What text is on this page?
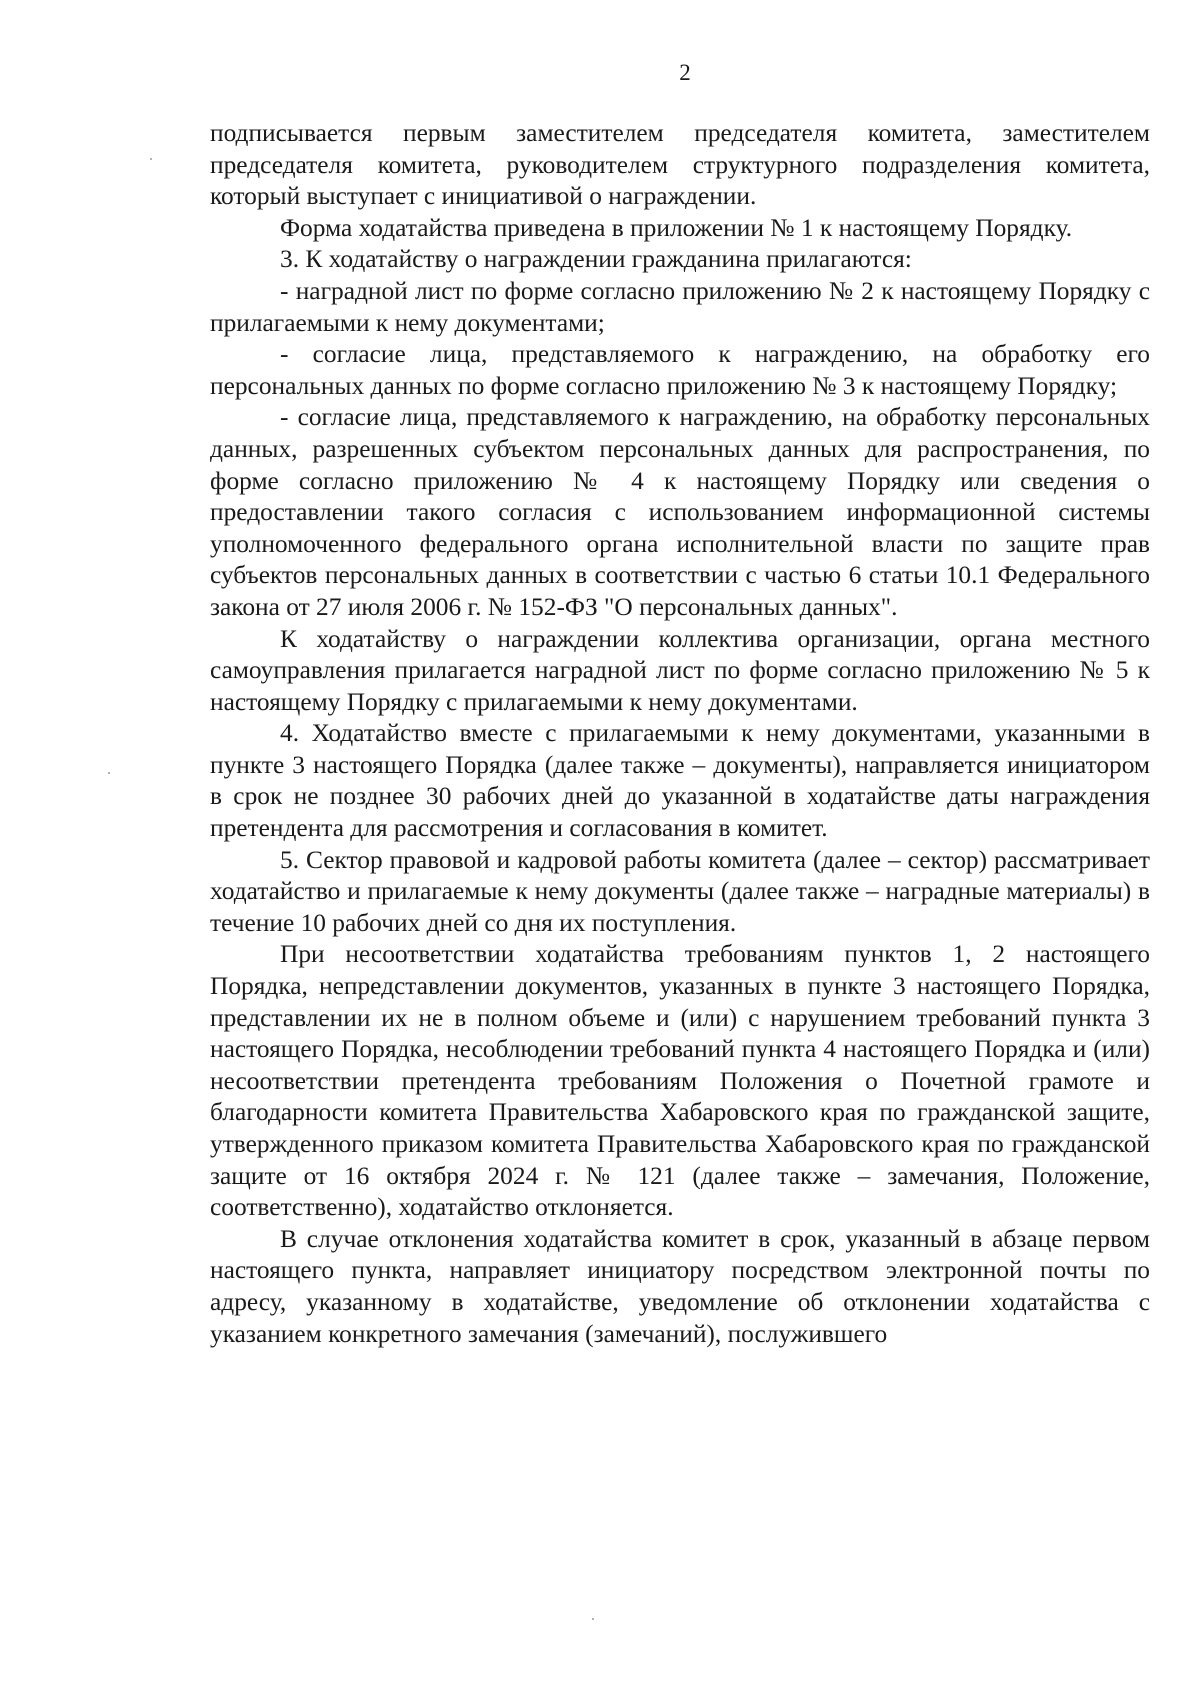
2

подписывается первым заместителем председателя комитета, заместителем председателя комитета, руководителем структурного подразделения комитета, который выступает с инициативой о награждении.

Форма ходатайства приведена в приложении № 1 к настоящему Порядку.

3. К ходатайству о награждении гражданина прилагаются:

- наградной лист по форме согласно приложению № 2 к настоящему Порядку с прилагаемыми к нему документами;

- согласие лица, представляемого к награждению, на обработку его персональных данных по форме согласно приложению № 3 к настоящему Порядку;

- согласие лица, представляемого к награждению, на обработку персональных данных, разрешенных субъектом персональных данных для распространения, по форме согласно приложению № 4 к настоящему Порядку или сведения о предоставлении такого согласия с использованием информационной системы уполномоченного федерального органа исполнительной власти по защите прав субъектов персональных данных в соответствии с частью 6 статьи 10.1 Федерального закона от 27 июля 2006 г. № 152-ФЗ "О персональных данных".

К ходатайству о награждении коллектива организации, органа местного самоуправления прилагается наградной лист по форме согласно приложению № 5 к настоящему Порядку с прилагаемыми к нему документами.

4. Ходатайство вместе с прилагаемыми к нему документами, указанными в пункте 3 настоящего Порядка (далее также – документы), направляется инициатором в срок не позднее 30 рабочих дней до указанной в ходатайстве даты награждения претендента для рассмотрения и согласования в комитет.

5. Сектор правовой и кадровой работы комитета (далее – сектор) рассматривает ходатайство и прилагаемые к нему документы (далее также – наградные материалы) в течение 10 рабочих дней со дня их поступления.

При несоответствии ходатайства требованиям пунктов 1, 2 настоящего Порядка, непредставлении документов, указанных в пункте 3 настоящего Порядка, представлении их не в полном объеме и (или) с нарушением требований пункта 3 настоящего Порядка, несоблюдении требований пункта 4 настоящего Порядка и (или) несоответствии претендента требованиям Положения о Почетной грамоте и благодарности комитета Правительства Хабаровского края по гражданской защите, утвержденного приказом комитета Правительства Хабаровского края по гражданской защите от 16 октября 2024 г. № 121 (далее также – замечания, Положение, соответственно), ходатайство отклоняется.

В случае отклонения ходатайства комитет в срок, указанный в абзаце первом настоящего пункта, направляет инициатору посредством электронной почты по адресу, указанному в ходатайстве, уведомление об отклонении ходатайства с указанием конкретного замечания (замечаний), послужившего
